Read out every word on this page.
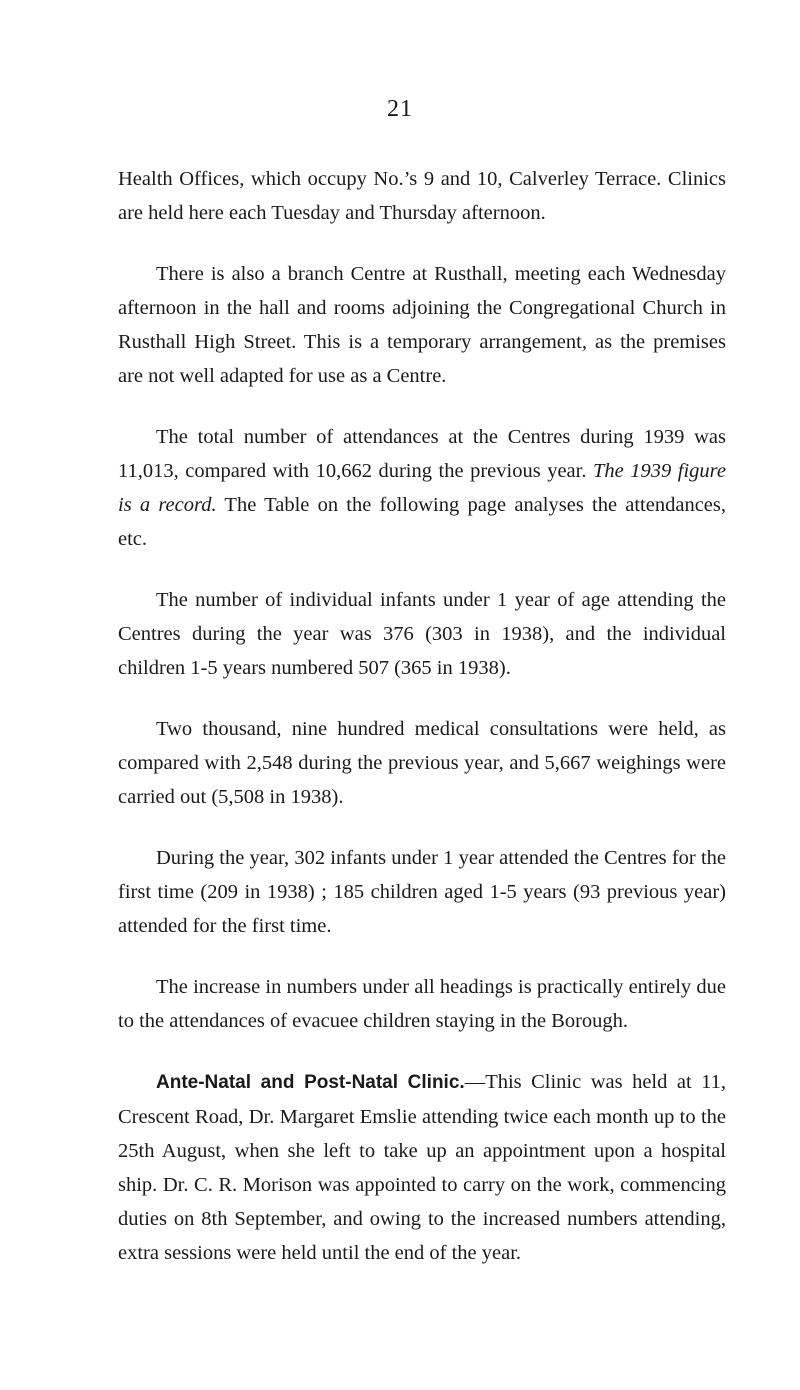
21

Health Offices, which occupy No.’s 9 and 10, Calverley Terrace. Clinics are held here each Tuesday and Thursday afternoon.

There is also a branch Centre at Rusthall, meeting each Wednesday afternoon in the hall and rooms adjoining the Congregational Church in Rusthall High Street. This is a temporary arrangement, as the premises are not well adapted for use as a Centre.

The total number of attendances at the Centres during 1939 was 11,013, compared with 10,662 during the previous year. The 1939 figure is a record. The Table on the following page analyses the attendances, etc.

The number of individual infants under 1 year of age attending the Centres during the year was 376 (303 in 1938), and the individual children 1-5 years numbered 507 (365 in 1938).

Two thousand, nine hundred medical consultations were held, as compared with 2,548 during the previous year, and 5,667 weighings were carried out (5,508 in 1938).

During the year, 302 infants under 1 year attended the Centres for the first time (209 in 1938) ; 185 children aged 1-5 years (93 previous year) attended for the first time.

The increase in numbers under all headings is practically entirely due to the attendances of evacuee children staying in the Borough.

Ante-Natal and Post-Natal Clinic.—This Clinic was held at 11, Crescent Road, Dr. Margaret Emslie attending twice each month up to the 25th August, when she left to take up an appointment upon a hospital ship. Dr. C. R. Morison was appointed to carry on the work, commencing duties on 8th September, and owing to the increased numbers attending, extra sessions were held until the end of the year.
